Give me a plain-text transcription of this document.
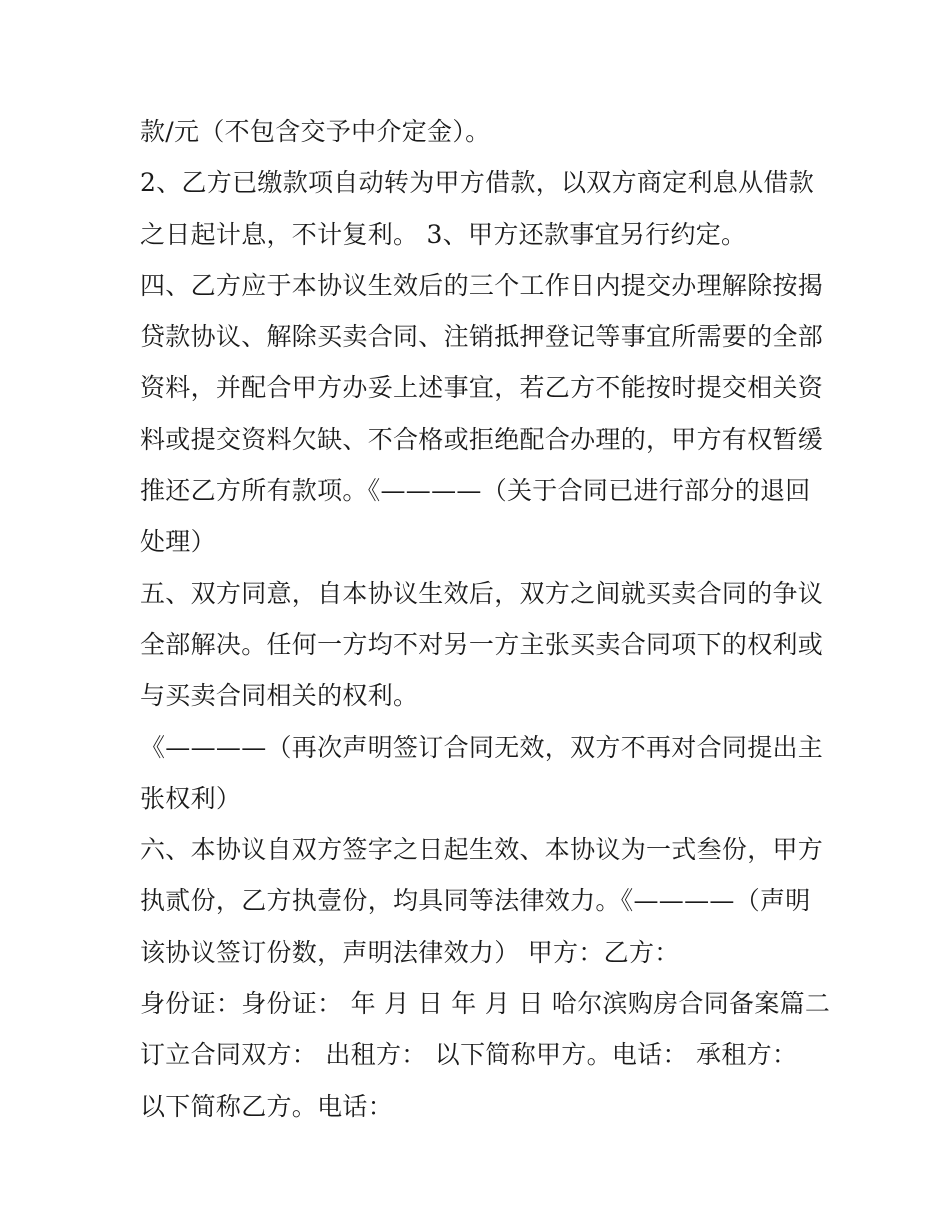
款/元（不包含交予中介定金）。
2、乙方已缴款项自动转为甲方借款，以双方商定利息从借款
之日起计息，不计复利。 3、甲方还款事宜另行约定。
四、乙方应于本协议生效后的三个工作日内提交办理解除按揭
贷款协议、解除买卖合同、注销抵押登记等事宜所需要的全部
资料，并配合甲方办妥上述事宜，若乙方不能按时提交相关资
料或提交资料欠缺、不合格或拒绝配合办理的，甲方有权暂缓
推还乙方所有款项。《————（关于合同已进行部分的退回
处理）
五、双方同意，自本协议生效后，双方之间就买卖合同的争议
全部解决。任何一方均不对另一方主张买卖合同项下的权利或
与买卖合同相关的权利。
《————（再次声明签订合同无效，双方不再对合同提出主
张权利）
六、本协议自双方签字之日起生效、本协议为一式叁份，甲方
执贰份，乙方执壹份，均具同等法律效力。《————（声明
该协议签订份数，声明法律效力） 甲方：乙方：
身份证：身份证： 年 月 日 年 月 日 哈尔滨购房合同备案篇二
订立合同双方： 出租方： 以下简称甲方。电话： 承租方：
以下简称乙方。电话：
